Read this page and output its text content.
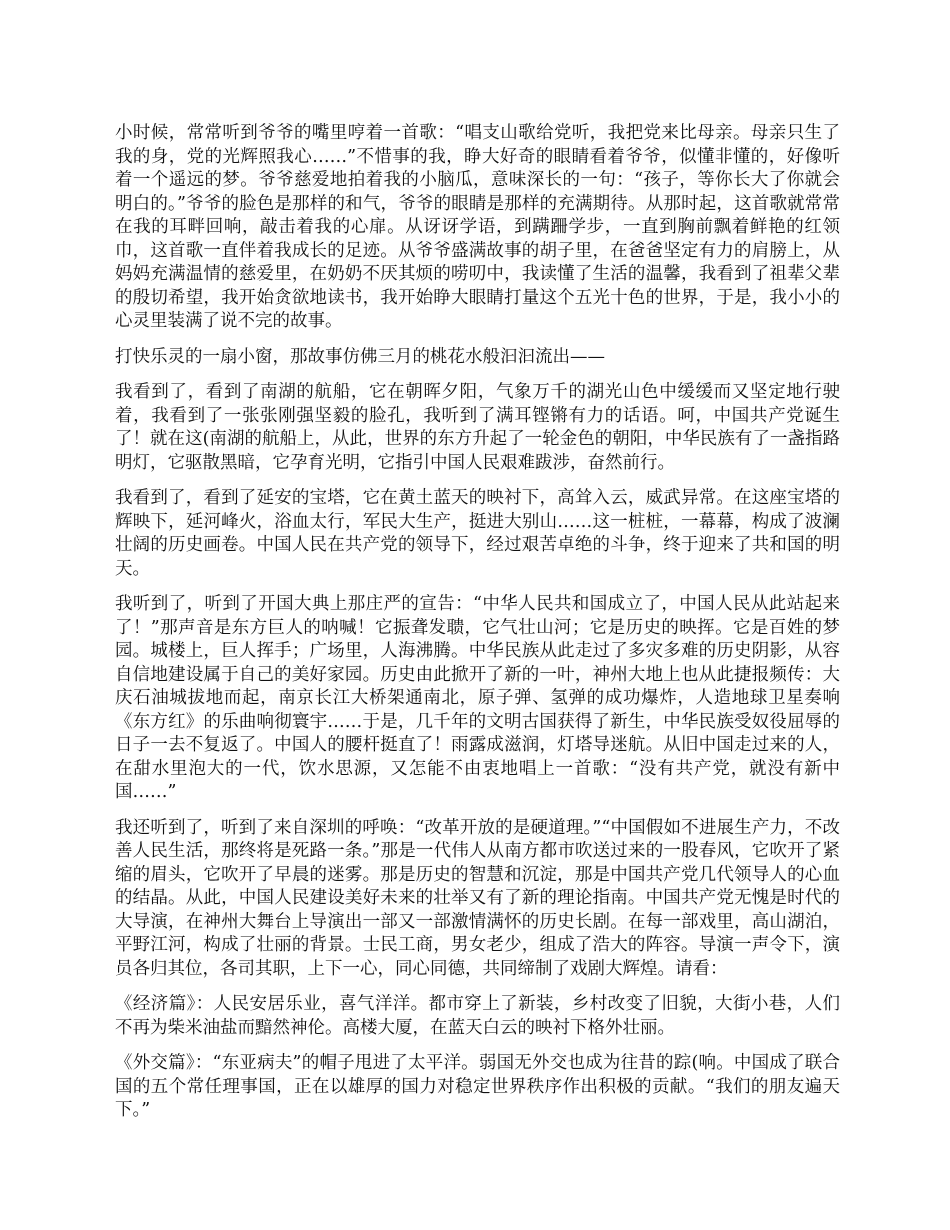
小时候，常常听到爷爷的嘴里哼着一首歌：“唱支山歌给党听，我把党来比母亲。母亲只生了我的身，党的光辉照我心……”不惜事的我，睁大好奇的眼睛看着爷爷，似懂非懂的，好像听着一个遥远的梦。爷爷慈爱地拍着我的小脑瓜，意味深长的一句：“孩子，等你长大了你就会明白的。”爷爷的脸色是那样的和气，爷爷的眼睛是那样的充满期待。从那时起，这首歌就常常在我的耳畔回响，敲击着我的心扉。从讶讶学语，到蹒跚学步，一直到胸前飘着鲜艳的红领巾，这首歌一直伴着我成长的足迹。从爷爷盛满故事的胡子里，在爸爸坚定有力的肩膀上，从妈妈充满温情的慈爱里，在奶奶不厌其烦的唠叨中，我读懂了生活的温馨，我看到了祖辈父辈的殷切希望，我开始贪欲地读书，我开始睁大眼睛打量这个五光十色的世界，于是，我小小的心灵里装满了说不完的故事。

打快乐灵的一扇小窗，那故事仿佛三月的桃花水般汩汩流出——

我看到了，看到了南湖的航船，它在朝晖夕阳，气象万千的湖光山色中缓缓而又坚定地行驶着，我看到了一张张刚强坚毅的脸孔，我听到了满耳铿锵有力的话语。呵，中国共产党诞生了！就在这(南湖的航船上，从此，世界的东方升起了一轮金色的朝阳，中华民族有了一盏指路明灯，它驱散黑暗，它孕育光明，它指引中国人民艰难跋涉，奋然前行。

我看到了，看到了延安的宝塔，它在黄土蓝天的映衬下，高耸入云，威武异常。在这座宝塔的辉映下，延河峰火，浴血太行，军民大生产，挺进大别山……这一桩桩，一幕幕，构成了波澜壮阔的历史画卷。中国人民在共产党的领导下，经过艰苦卓绝的斗争，终于迎来了共和国的明天。

我听到了，听到了开国大典上那庄严的宣告：“中华人民共和国成立了，中国人民从此站起来了！”那声音是东方巨人的呐喊！它振聋发聩，它气壮山河；它是历史的映挥。它是百姓的梦园。城楼上，巨人挥手；广场里，人海沸腾。中华民族从此走过了多灾多难的历史阴影，从容自信地建设属于自己的美好家园。历史由此掀开了新的一叶，神州大地上也从此捷报频传：大庆石油城拔地而起，南京长江大桥架通南北，原子弹、氢弹的成功爆炸，人造地球卫星奏响《东方红》的乐曲响彻寰宇……于是，几千年的文明古国获得了新生，中华民族受奴役屈辱的日子一去不复返了。中国人的腰杆挺直了！雨露成滋润，灯塔导迷航。从旧中国走过来的人，在甜水里泡大的一代，饮水思源，又怎能不由衷地唱上一首歌：“没有共产党，就没有新中国……”

我还听到了，听到了来自深圳的呼唤：“改革开放的是硬道理。”“中国假如不进展生产力，不改善人民生活，那终将是死路一条。”那是一代伟人从南方都市吹送过来的一股春风，它吹开了紧缩的眉头，它吹开了早晨的迷雾。那是历史的智慧和沉淀，那是中国共产党几代领导人的心血的结晶。从此，中国人民建设美好未来的壮举又有了新的理论指南。中国共产党无愧是时代的大导演，在神州大舞台上导演出一部又一部激情满怀的历史长剧。在每一部戏里，高山湖泊，平野江河，构成了壮丽的背景。士民工商，男女老少，组成了浩大的阵容。导演一声令下，演员各归其位，各司其职，上下一心，同心同德，共同缔制了戏剧大辉煌。请看：

《经济篇》：人民安居乐业，喜气洋洋。都市穿上了新装，乡村改变了旧貌，大街小巷，人们不再为柴米油盐而黯然神伦。高楼大厦，在蓝天白云的映衬下格外壮丽。

《外交篇》：“东亚病夫”的帽子甩进了太平洋。弱国无外交也成为往昔的踪(响。中国成了联合国的五个常任理事国，正在以雄厚的国力对稳定世界秩序作出积极的贡献。“我们的朋友遍天下。”
